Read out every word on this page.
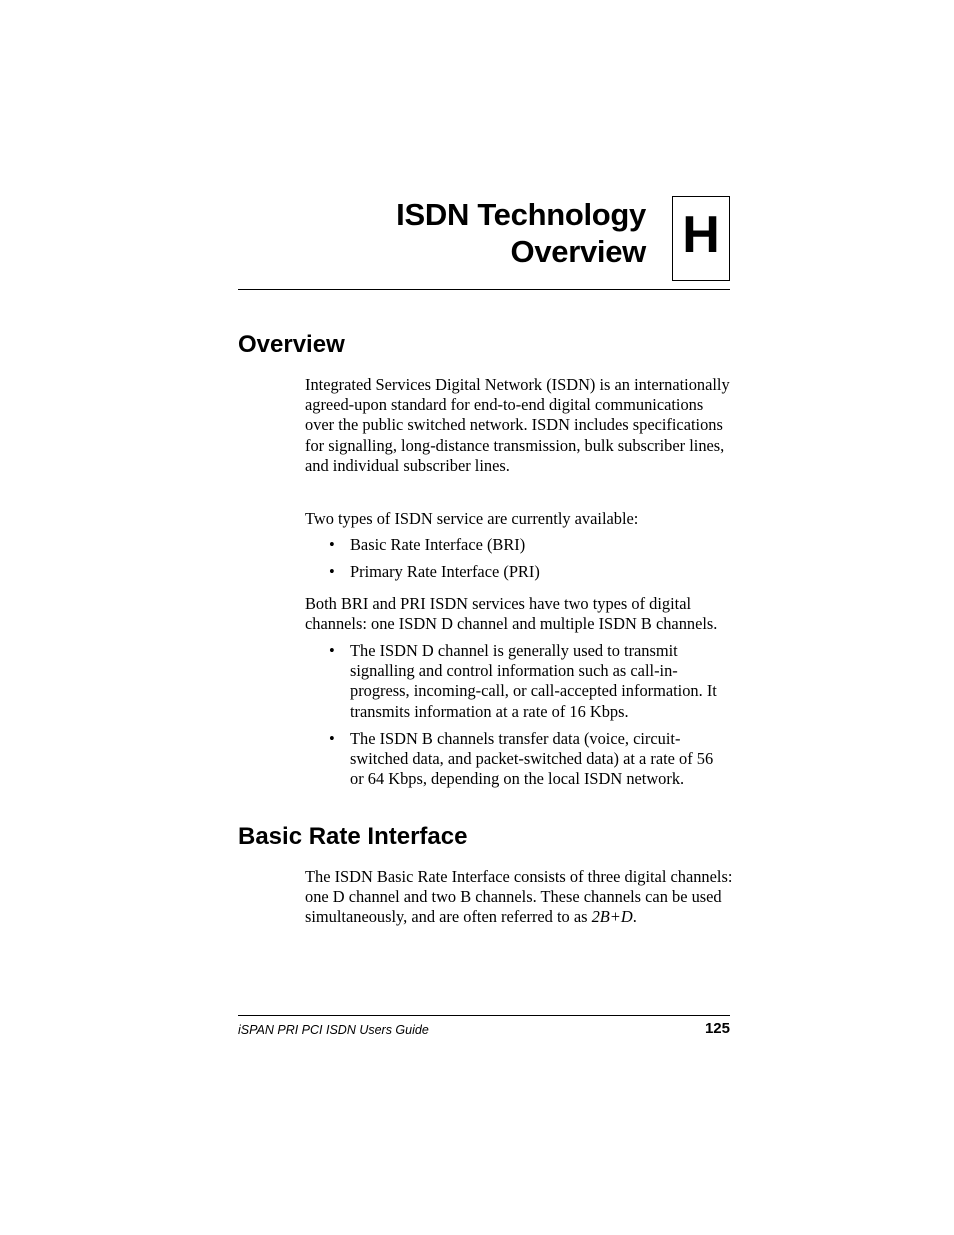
ISDN Technology
Overview H
Overview

Integrated Services Digital Network (ISDN) is an internationally agreed-upon standard for end-to-end digital communications over the public switched network. ISDN includes specifications for signalling, long-distance transmission, bulk subscriber lines, and individual subscriber lines.

Two types of ISDN service are currently available:

• Basic Rate Interface (BRI)
• Primary Rate Interface (PRI)

Both BRI and PRI ISDN services have two types of digital channels: one ISDN D channel and multiple ISDN B channels.

• The ISDN D channel is generally used to transmit signalling and control information such as call-in-progress, incoming-call, or call-accepted information. It transmits information at a rate of 16 Kbps.
• The ISDN B channels transfer data (voice, circuit-switched data, and packet-switched data) at a rate of 56 or 64 Kbps, depending on the local ISDN network.
Basic Rate Interface

The ISDN Basic Rate Interface consists of three digital channels: one D channel and two B channels. These channels can be used simultaneously, and are often referred to as 2B+D.

iSPAN PRI PCI ISDN Users Guide	125
